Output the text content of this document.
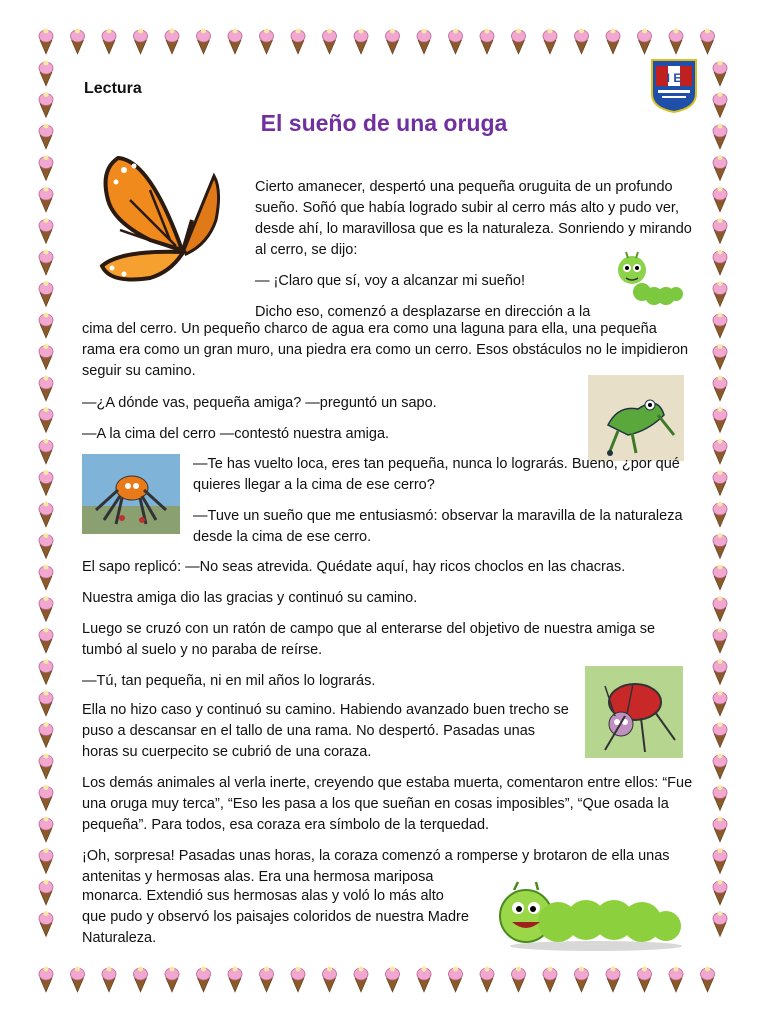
Lectura
El sueño de una oruga
I E

Cierto amanecer, despertó una pequeña oruguita de un profundo sueño. Soñó que había logrado subir al cerro más alto y pudo ver, desde ahí, lo maravillosa que es la naturaleza. Sonriendo y mirando al cerro, se dijo:

— ¡Claro que sí, voy a alcanzar mi sueño!

Dicho eso, comenzó a desplazarse en dirección a la

cima del cerro. Un pequeño charco de agua era como una laguna para ella, una pequeña rama era como un gran muro, una piedra era como un cerro. Esos obstáculos no le impidieron seguir su camino.

—¿A dónde vas, pequeña amiga? —preguntó un sapo.

—A la cima del cerro —contestó nuestra amiga.

—Te has vuelto loca, eres tan pequeña, nunca lo lograrás. Bueno, ¿por qué quieres llegar a la cima de ese cerro?

—Tuve un sueño que me entusiasmó: observar la maravilla de la naturaleza desde la cima de ese cerro.

El sapo replicó: —No seas atrevida. Quédate aquí, hay ricos choclos en las chacras.

Nuestra amiga dio las gracias y continuó su camino.

Luego se cruzó con un ratón de campo que al enterarse del objetivo de nuestra amiga se tumbó al suelo y no paraba de reírse.

—Tú, tan pequeña, ni en mil años lo lograrás.

Ella no hizo caso y continuó su camino. Habiendo avanzado buen trecho se puso a descansar en el tallo de una rama. No despertó. Pasadas unas horas su cuerpecito se cubrió de una coraza.

Los demás animales al verla inerte, creyendo que estaba muerta, comentaron entre ellos: “Fue una oruga muy terca”, “Eso les pasa a los que sueñan en cosas imposibles”, “Que osada la pequeña”. Para todos, esa coraza era símbolo de la terquedad.

¡Oh, sorpresa! Pasadas unas horas, la coraza comenzó a romperse y brotaron de ella unas antenitas y hermosas alas. Era una hermosa mariposa

monarca. Extendió sus hermosas alas y voló lo más alto que pudo y observó los paisajes coloridos de nuestra Madre Naturaleza.
